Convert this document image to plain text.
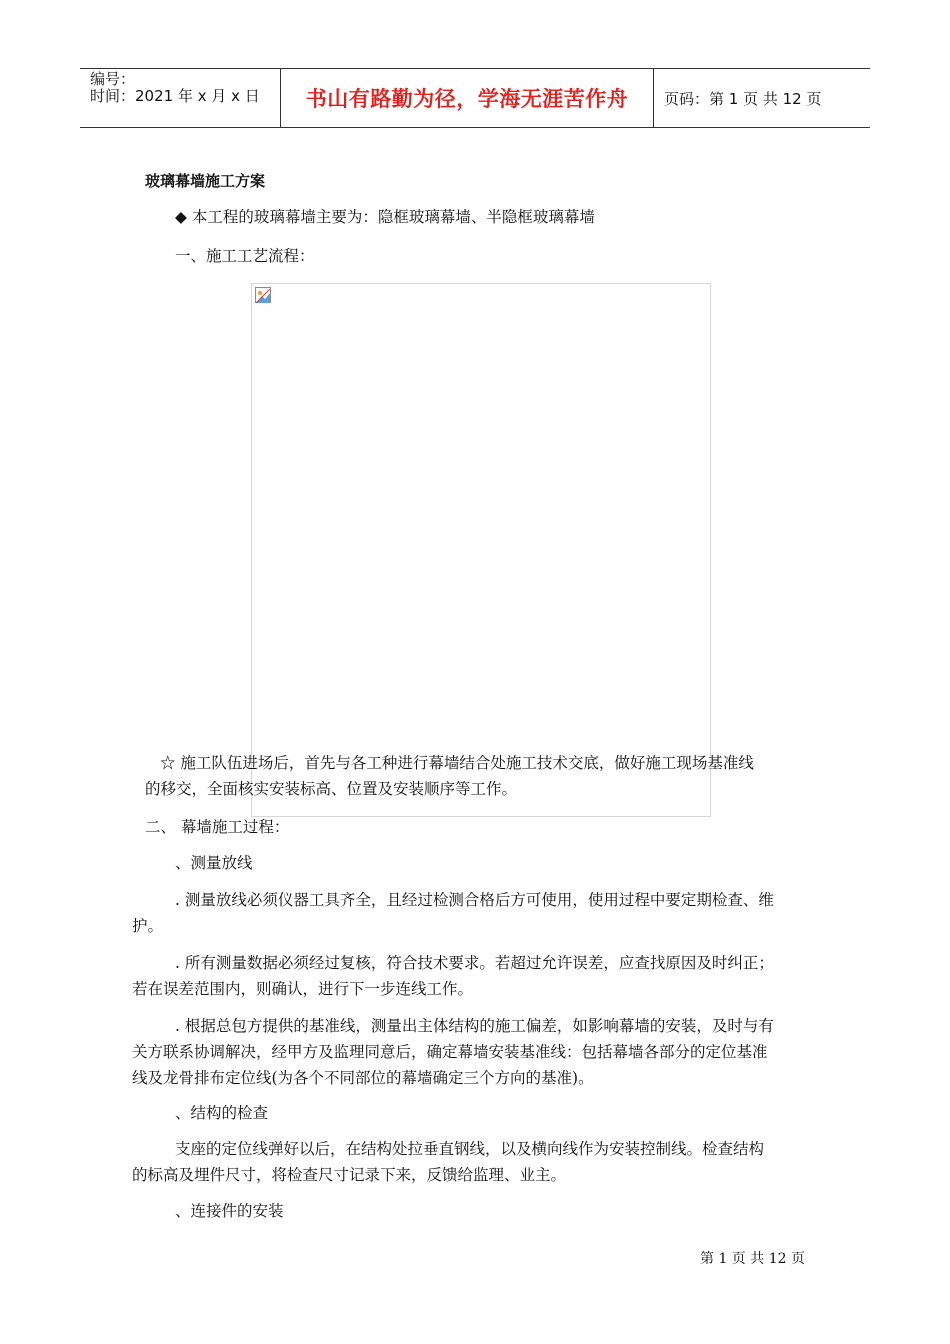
编号：
时间：2021 年 x 月 x 日	书山有路勤为径，学海无涯苦作舟	页码：第 1 页 共 12 页

玻璃幕墙施工方案

◆ 本工程的玻璃幕墙主要为：隐框玻璃幕墙、半隐框玻璃幕墙

一、施工工艺流程：

☆ 施工队伍进场后，首先与各工种进行幕墙结合处施工技术交底，做好施工现场基准线

的移交，全面核实安装标高、位置及安装顺序等工作。

二、 幕墙施工过程：

、测量放线

. 测量放线必须仪器工具齐全，且经过检测合格后方可使用，使用过程中要定期检查、维

护。

. 所有测量数据必须经过复核，符合技术要求。若超过允许误差，应查找原因及时纠正；

若在误差范围内，则确认，进行下一步连线工作。

. 根据总包方提供的基准线，测量出主体结构的施工偏差，如影响幕墙的安装，及时与有

关方联系协调解决，经甲方及监理同意后，确定幕墙安装基准线：包括幕墙各部分的定位基准

线及龙骨排布定位线(为各个不同部位的幕墙确定三个方向的基准)。

、结构的检查

支座的定位线弹好以后，在结构处拉垂直钢线，以及横向线作为安装控制线。检查结构

的标高及埋件尺寸，将检查尺寸记录下来，反馈给监理、业主。

、连接件的安装

第 1 页 共 12 页
